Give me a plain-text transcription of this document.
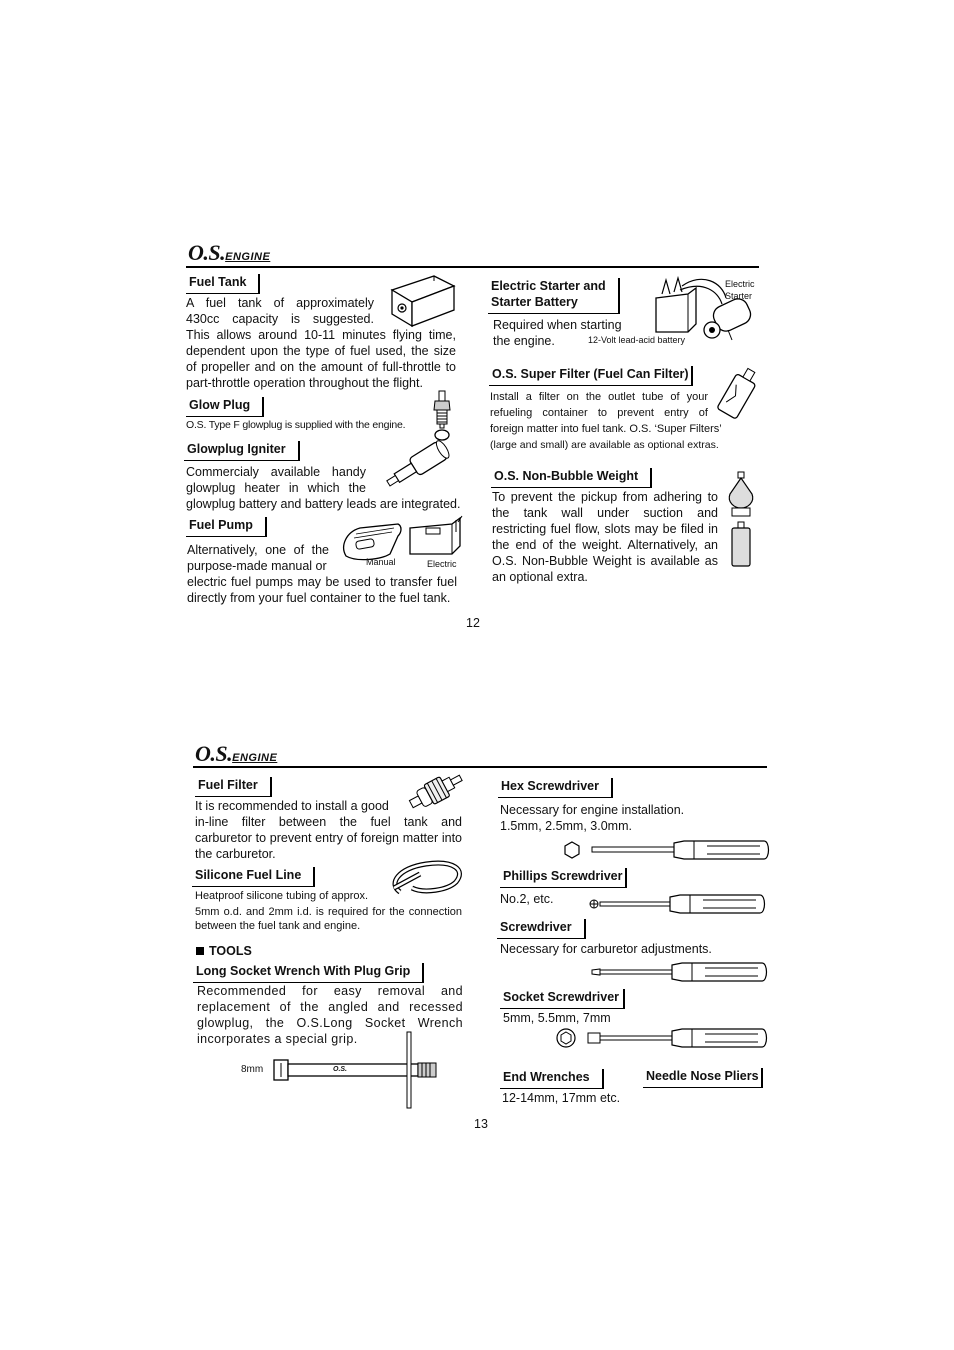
O.S.ENGINE
Fuel Tank
A fuel tank of approximately
430cc capacity is suggested.
This allows around 10-11 minutes flying time, dependent upon the type of fuel used, the size of propeller and on the amount of full-throttle to part-throttle operation throughout the flight.
Glow Plug
O.S. Type F glowplug is supplied with the engine.
Glowplug Igniter
Commercialy available handy
glowplug heater in which the
glowplug battery and battery leads are integrated.
Fuel Pump
Alternatively, one of the
purpose-made manual or
electric fuel pumps may be used to transfer fuel directly from your fuel container to the fuel tank.
Manual	Electric
Electric Starter and
Starter Battery
Required when starting
the engine.	12-Volt lead-acid battery
Electric
Starter
O.S. Super Filter (Fuel Can Filter)
Install a filter on the outlet tube of your
refueling container to prevent entry of
foreign matter into fuel tank. O.S. ‘Super Filters’
(large and small) are available as optional extras.
O.S. Non-Bubble Weight
To prevent the pickup from adhering to the tank wall under suction and restricting fuel flow, slots may be filed in the end of the weight. Alternatively, an O.S. Non-Bubble Weight is available as an optional extra.
12
O.S.ENGINE
Fuel Filter
It is recommended to install a good
in-line filter between the fuel tank and carburetor to prevent entry of foreign matter into the carburetor.
Silicone Fuel Line
Heatproof silicone tubing of approx.
5mm o.d. and 2mm i.d. is required for the connection between the fuel tank and engine.
TOOLS
Long Socket Wrench With Plug Grip
Recommended for easy removal and replacement of the angled and recessed glowplug, the O.S.Long Socket Wrench incorporates a special grip.
8mm	O.S.
Hex Screwdriver
Necessary for engine installation.
1.5mm, 2.5mm, 3.0mm.
Phillips Screwdriver
No.2, etc.
Screwdriver
Necessary for carburetor adjustments.
Socket Screwdriver
5mm, 5.5mm, 7mm
End Wrenches
12-14mm, 17mm etc.
Needle Nose Pliers
13
